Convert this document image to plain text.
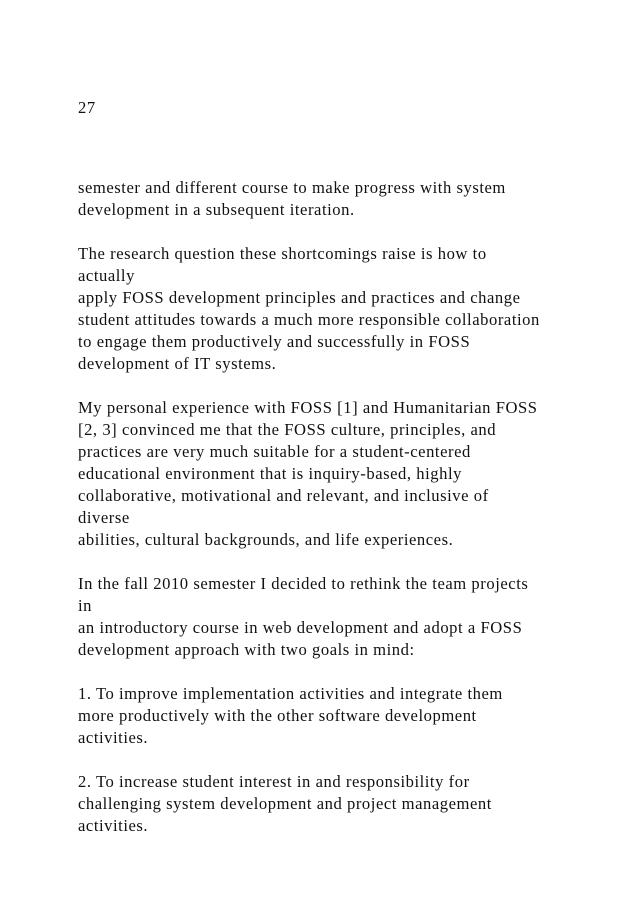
27

semester and different course to make progress with system
development in a subsequent iteration.
The research question these shortcomings raise is how to
actually
apply FOSS development principles and practices and change
student attitudes towards a much more responsible collaboration
to engage them productively and successfully in FOSS
development of IT systems.
My personal experience with FOSS [1] and Humanitarian FOSS
[2, 3] convinced me that the FOSS culture, principles, and
practices are very much suitable for a student-centered
educational environment that is inquiry-based, highly
collaborative, motivational and relevant, and inclusive of
diverse
abilities, cultural backgrounds, and life experiences.
In the fall 2010 semester I decided to rethink the team projects
in
an introductory course in web development and adopt a FOSS
development approach with two goals in mind:
1. To improve implementation activities and integrate them
more productively with the other software development
activities.
2. To increase student interest in and responsibility for
challenging system development and project management
activities.
